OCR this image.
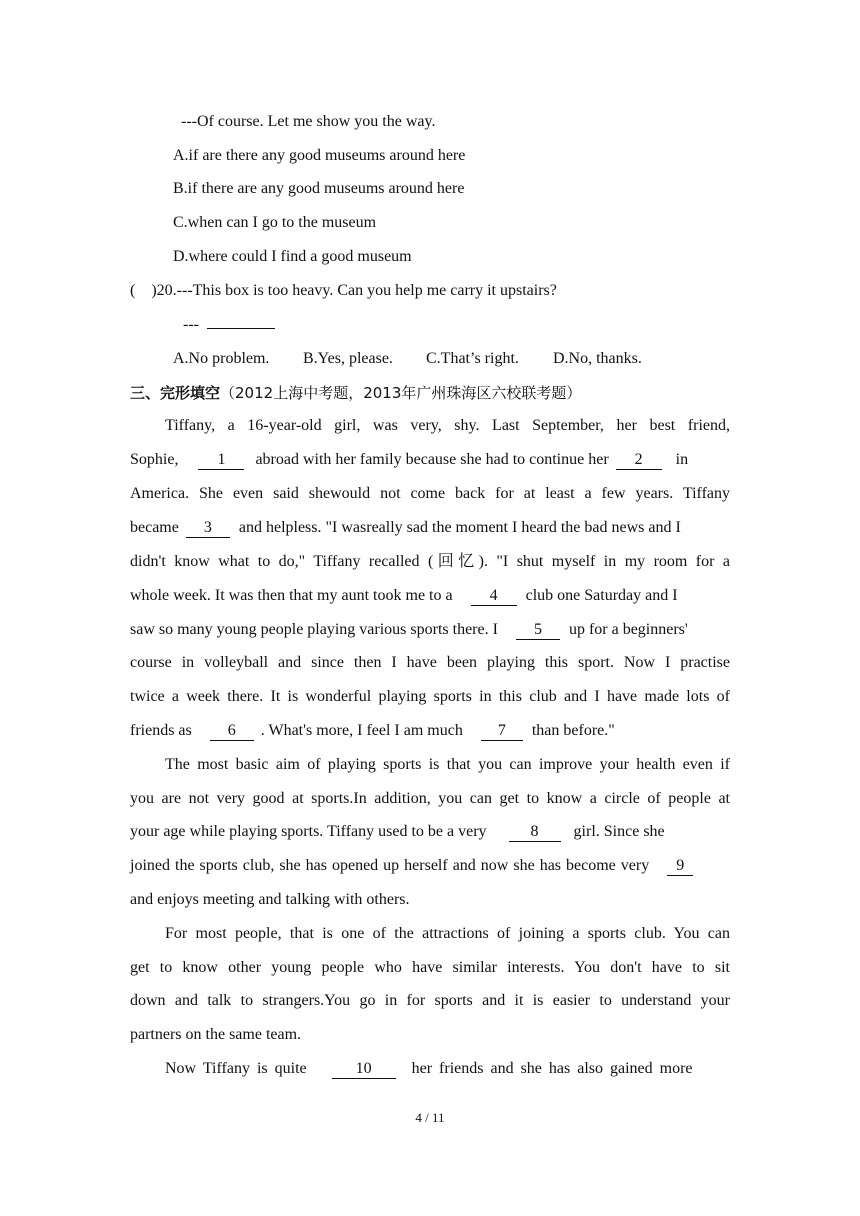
---Of course. Let me show you the way.
A.if are there any good museums around here
B.if there are any good museums around here
C.when can I go to the museum
D.where could I find a good museum
(    )20.---This box is too heavy. Can you help me carry it upstairs?
---
A.No problem. B.Yes, please. C.That’s right. D.No, thanks.
三、完形填空（2012上海中考题，2013年广州珠海区六校联考题）
Tiffany, a 16-year-old girl, was very, shy. Last September, her best friend,
Sophie, 1 abroad with her family because she had to continue her 2 in
America. She even said shewould not come back for at least a few years. Tiffany
became 3 and helpless. "I wasreally sad the moment I heard the bad news and I
didn't know what to do," Tiffany recalled (回忆). "I shut myself in my room for a
whole week. It was then that my aunt took me to a 4 club one Saturday and I
saw so many young people playing various sports there. I 5 up for a beginners'
course in volleyball and since then I have been playing this sport. Now I practise
twice a week there. It is wonderful playing sports in this club and I have made lots of
friends as 6 . What's more, I feel I am much 7 than before."
The most basic aim of playing sports is that you can improve your health even if
you are not very good at sports.In addition, you can get to know a circle of people at
your age while playing sports. Tiffany used to be a very	8 girl. Since she
joined the sports club, she has opened up herself and now she has become very 9
and enjoys meeting and talking with others.
For most people, that is one of the attractions of joining a sports club. You can
get to know other young people who have similar interests. You don't have to sit
down and talk to strangers.You go in for sports and it is easier to understand your
partners on the same team.
Now Tiffany is quite	10	her friends and she has also gained more
4 / 11
